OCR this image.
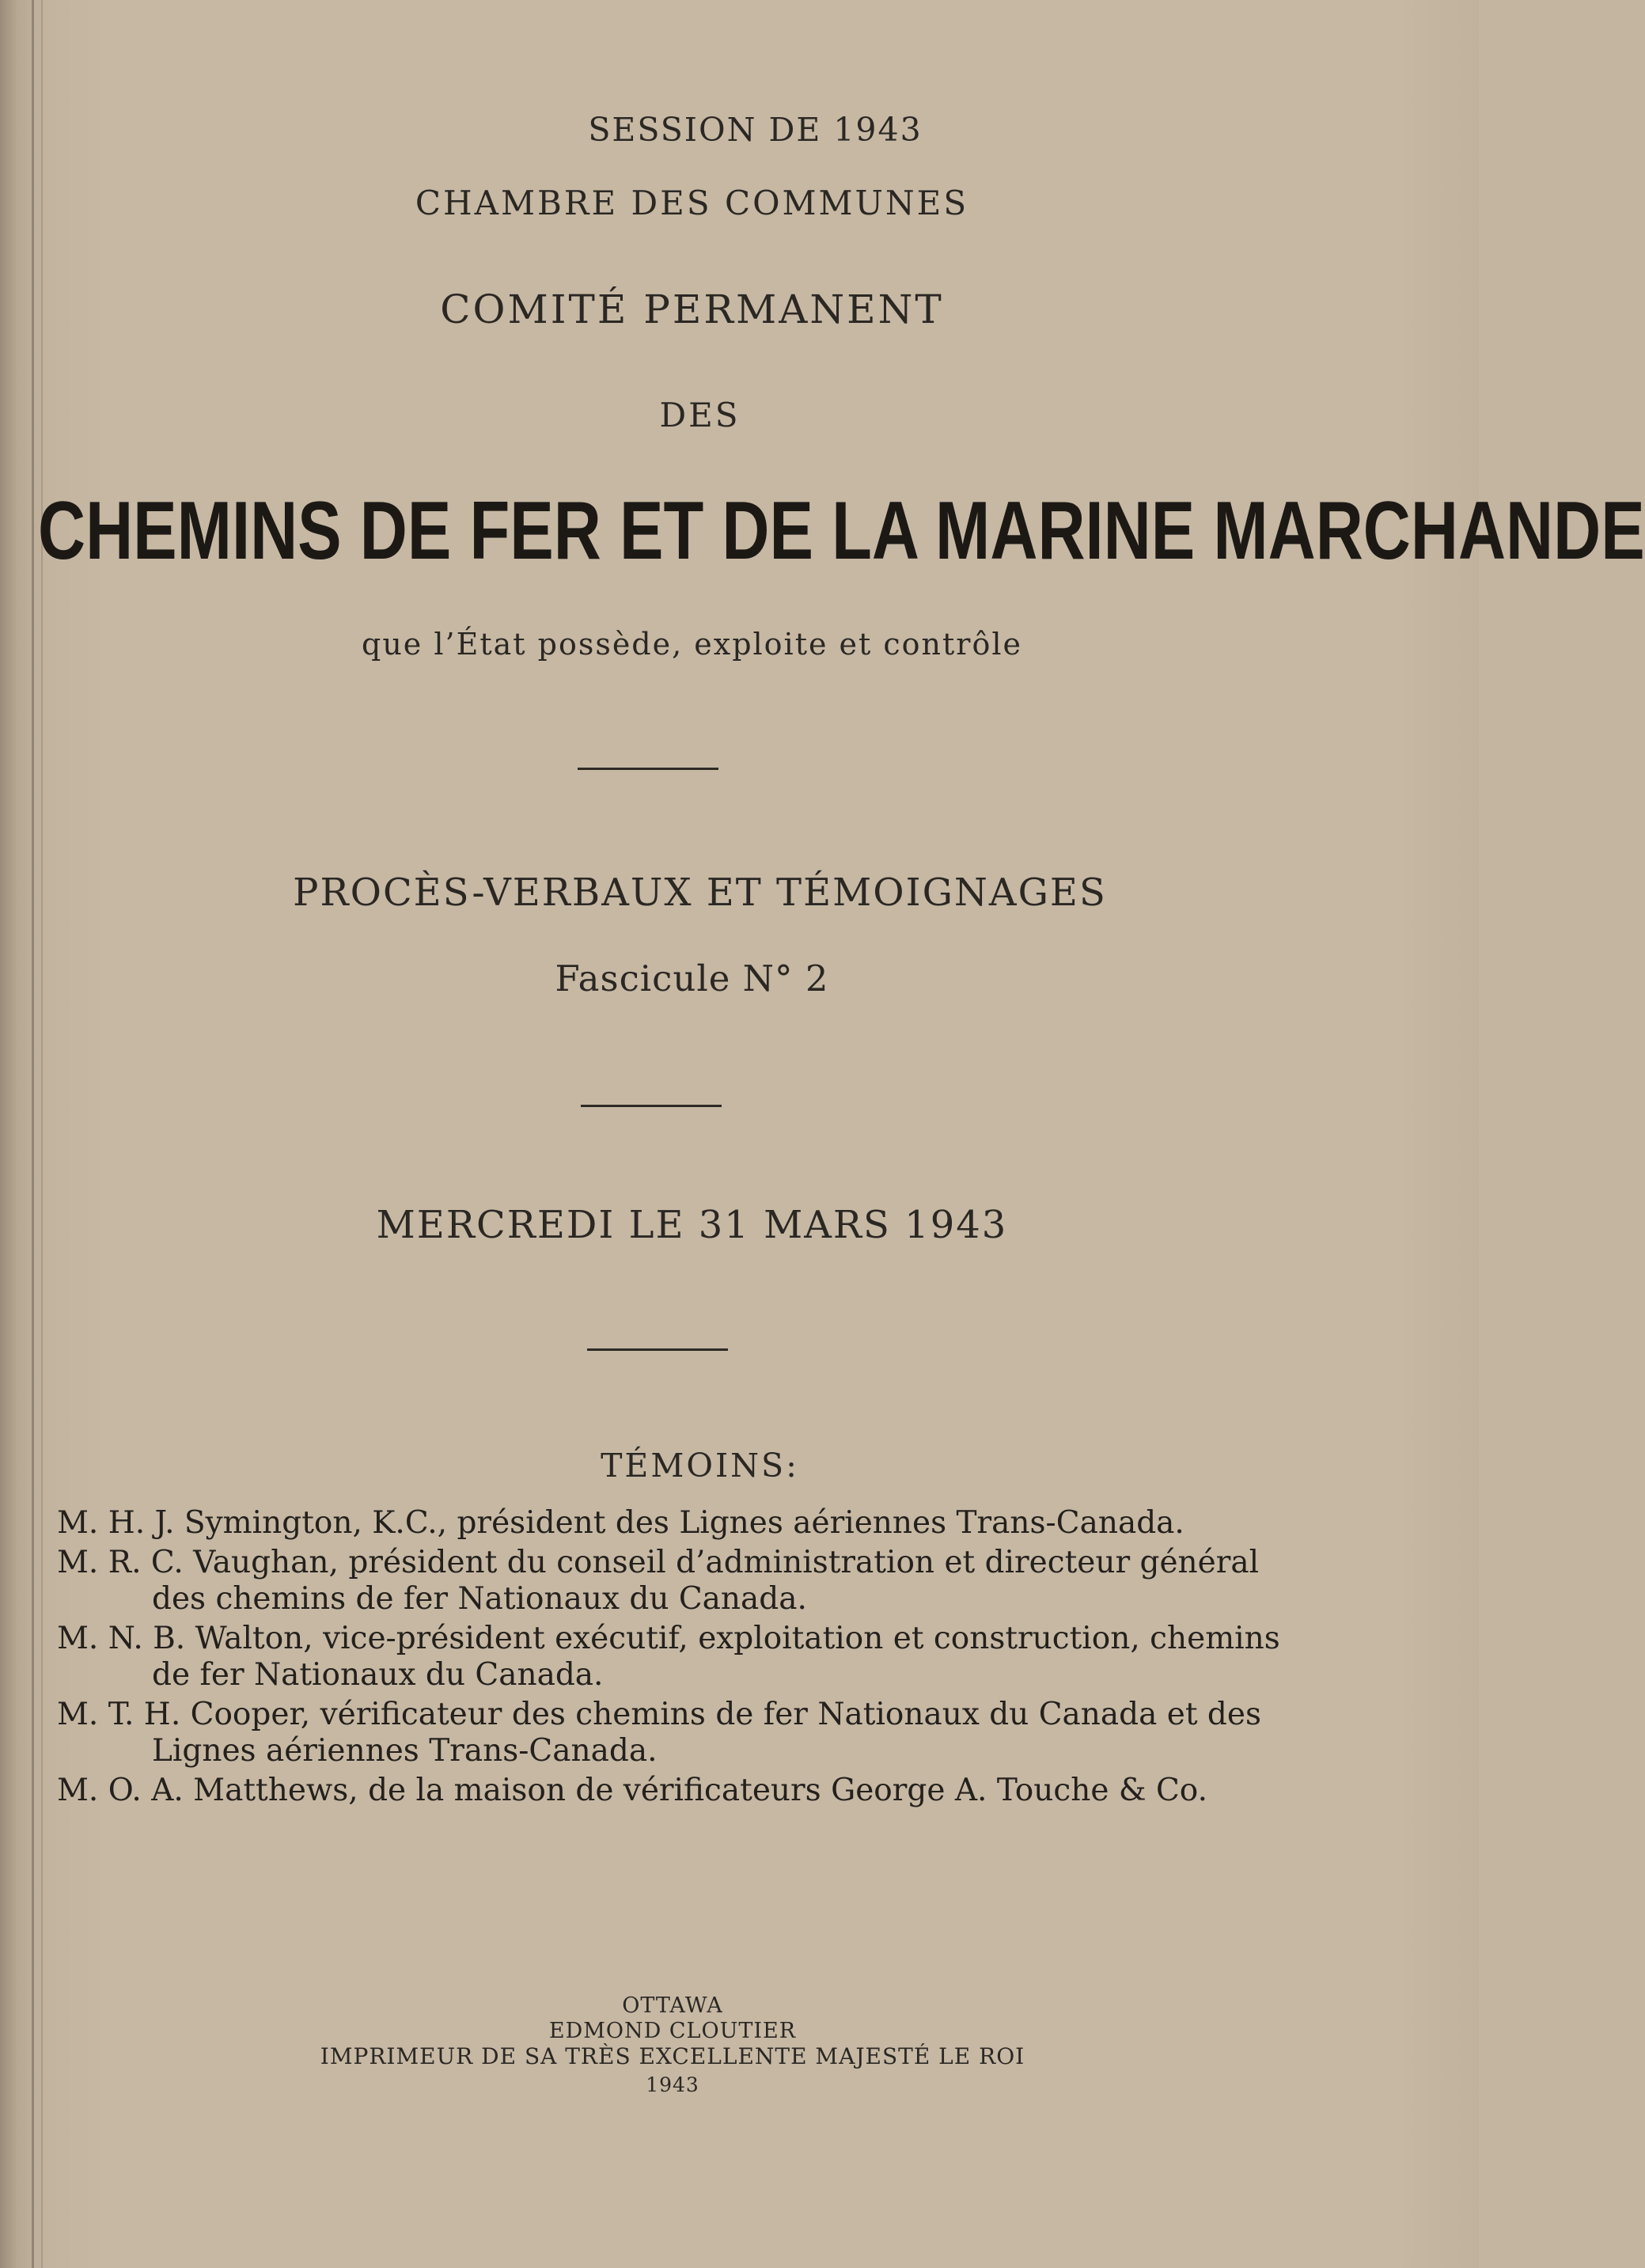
SESSION DE 1943
CHAMBRE DES COMMUNES
COMITÉ PERMANENT
DES
CHEMINS DE FER ET DE LA MARINE MARCHANDE
que l’État possède, exploite et contrôle
PROCÈS-VERBAUX ET TÉMOIGNAGES
Fascicule N° 2
MERCREDI LE 31 MARS 1943
TÉMOINS:

M. H. J. Symington, K.C., président des Lignes aériennes Trans-Canada.

M. R. C. Vaughan, président du conseil d’administration et directeur général des chemins de fer Nationaux du Canada.

M. N. B. Walton, vice-président exécutif, exploitation et construction, chemins de fer Nationaux du Canada.

M. T. H. Cooper, vérificateur des chemins de fer Nationaux du Canada et des Lignes aériennes Trans-Canada.

M. O. A. Matthews, de la maison de vérificateurs George A. Touche & Co.

OTTAWA
EDMOND CLOUTIER
IMPRIMEUR DE SA TRÈS EXCELLENTE MAJESTÉ LE ROI
1943
